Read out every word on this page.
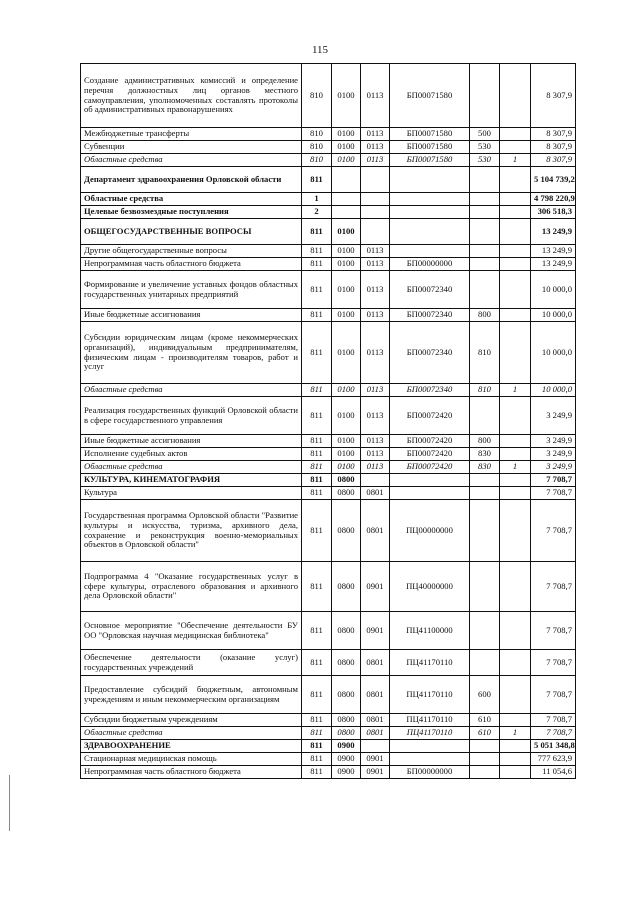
115
Создание административных комиссий и определение перечня должностных лиц органов местного самоуправления, уполномоченных составлять протоколы об административных правонарушениях	810	0100	0113	БП00071580			8 307,9
Межбюджетные трансферты	810	0100	0113	БП00071580	500		8 307,9
Субвенции	810	0100	0113	БП00071580	530		8 307,9
Областные средства	810	0100	0113	БП00071580	530	1	8 307,9
Департамент здравоохранения Орловской области	811						5 104 739,2
Областные средства	1						4 798 220,9
Целевые безвозмездные поступления	2						306 518,3
ОБЩЕГОСУДАРСТВЕННЫЕ ВОПРОСЫ	811	0100					13 249,9
Другие общегосударственные вопросы	811	0100	0113				13 249,9
Непрограммная часть областного бюджета	811	0100	0113	БП00000000			13 249,9
Формирование и увеличение уставных фондов областных государственных унитарных предприятий	811	0100	0113	БП00072340			10 000,0
Иные бюджетные ассигнования	811	0100	0113	БП00072340	800		10 000,0
Субсидии юридическим лицам (кроме некоммерческих организаций), индивидуальным предпринимателям, физическим лицам - производителям товаров, работ и услуг	811	0100	0113	БП00072340	810		10 000,0
Областные средства	811	0100	0113	БП00072340	810	1	10 000,0
Реализация государственных функций Орловской области в сфере государственного управления	811	0100	0113	БП00072420			3 249,9
Иные бюджетные ассигнования	811	0100	0113	БП00072420	800		3 249,9
Исполнение судебных актов	811	0100	0113	БП00072420	830		3 249,9
Областные средства	811	0100	0113	БП00072420	830	1	3 249,9
КУЛЬТУРА, КИНЕМАТОГРАФИЯ	811	0800					7 708,7
Культура	811	0800	0801				7 708,7
Государственная программа Орловской области "Развитие культуры и искусства, туризма, архивного дела, сохранение и реконструкция военно-мемориальных объектов в Орловской области"	811	0800	0801	ПЦ00000000			7 708,7
Подпрограмма 4 "Оказание государственных услуг в сфере культуры, отраслевого образования и архивного дела Орловской области"	811	0800	0901	ПЦ40000000			7 708,7
Основное мероприятие "Обеспечение деятельности БУ ОО "Орловская научная медицинская библиотека"	811	0800	0901	ПЦ41100000			7 708,7
Обеспечение деятельности (оказание услуг) государственных учреждений	811	0800	0801	ПЦ41170110			7 708,7
Предоставление субсидий бюджетным, автономным учреждениям и иным некоммерческим организациям	811	0800	0801	ПЦ41170110	600		7 708,7
Субсидии бюджетным учреждениям	811	0800	0801	ПЦ41170110	610		7 708,7
Областные средства	811	0800	0801	ПЦ41170110	610	1	7 708,7
ЗДРАВООХРАНЕНИЕ	811	0900					5 051 348,8
Стационарная медицинская помощь	811	0900	0901				777 623,9
Непрограммная часть областного бюджета	811	0900	0901	БП00000000			11 054,6
